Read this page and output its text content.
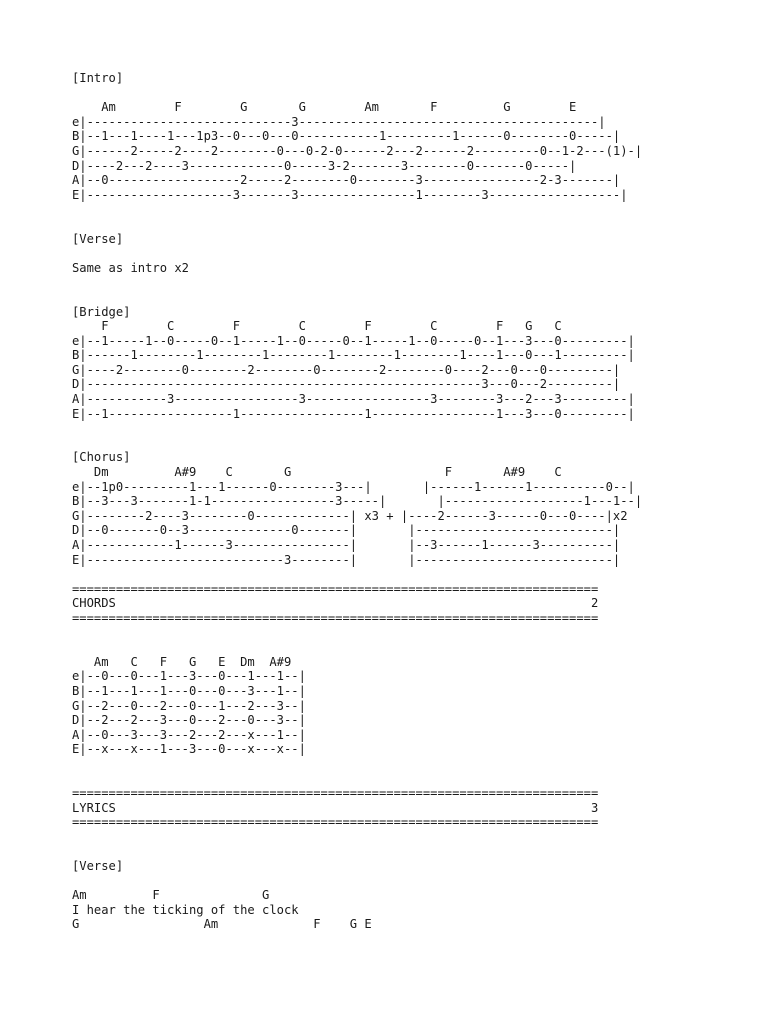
[Intro]
Am        F        G       G        Am       F         G        E
e|----------------------------3-----------------------------------------|
B|--1---1----1---1p3--0---0---0-----------1---------1------0--------0-----|
G|------2-----2----2--------0---0-2-0------2---2------2---------0--1-2---(1)-|
D|----2---2----3-------------0-----3-2-------3--------0-------0-----|
A|--0------------------2-----2--------0--------3----------------2-3-------|
E|--------------------3-------3----------------1--------3------------------|
[Verse]
Same as intro x2
[Bridge]
F        C        F        C        F        C        F   G   C
e|--1-----1--0-----0--1-----1--0-----0--1-----1--0-----0--1---3---0---------|
B|------1--------1--------1--------1--------1--------1----1---0---1---------|
G|----2--------0--------2--------0--------2--------0----2---0---0---------|
D|------------------------------------------------------3---0---2---------|
A|-----------3-----------------3-----------------3--------3---2---3---------|
E|--1-----------------1-----------------1-----------------1---3---0---------|
[Chorus]
Dm         A#9    C       G                     F       A#9    C
e|--1p0---------1---1------0--------3---|       |------1------1----------0--|
B|--3---3-------1-1-----------------3-----|       |-------------------1---1--|
G|--------2----3--------0-------------| x3 + |----2------3------0---0----|x2
D|--0-------0--3--------------0-------|       |---------------------------|
A|------------1------3----------------|       |--3------1------3----------|
E|---------------------------3--------|       |---------------------------|
========================================================================
CHORDS                                                                 2
========================================================================
Am   C   F   G   E  Dm  A#9
e|--0---0---1---3---0---1---1--|
B|--1---1---1---0---0---3---1--|
G|--2---0---2---0---1---2---3--|
D|--2---2---3---0---2---0---3--|
A|--0---3---3---2---2---x---1--|
E|--x---x---1---3---0---x---x--|
========================================================================
LYRICS                                                                 3
========================================================================
[Verse]
Am         F              G
I hear the ticking of the clock
G                 Am             F    G E
